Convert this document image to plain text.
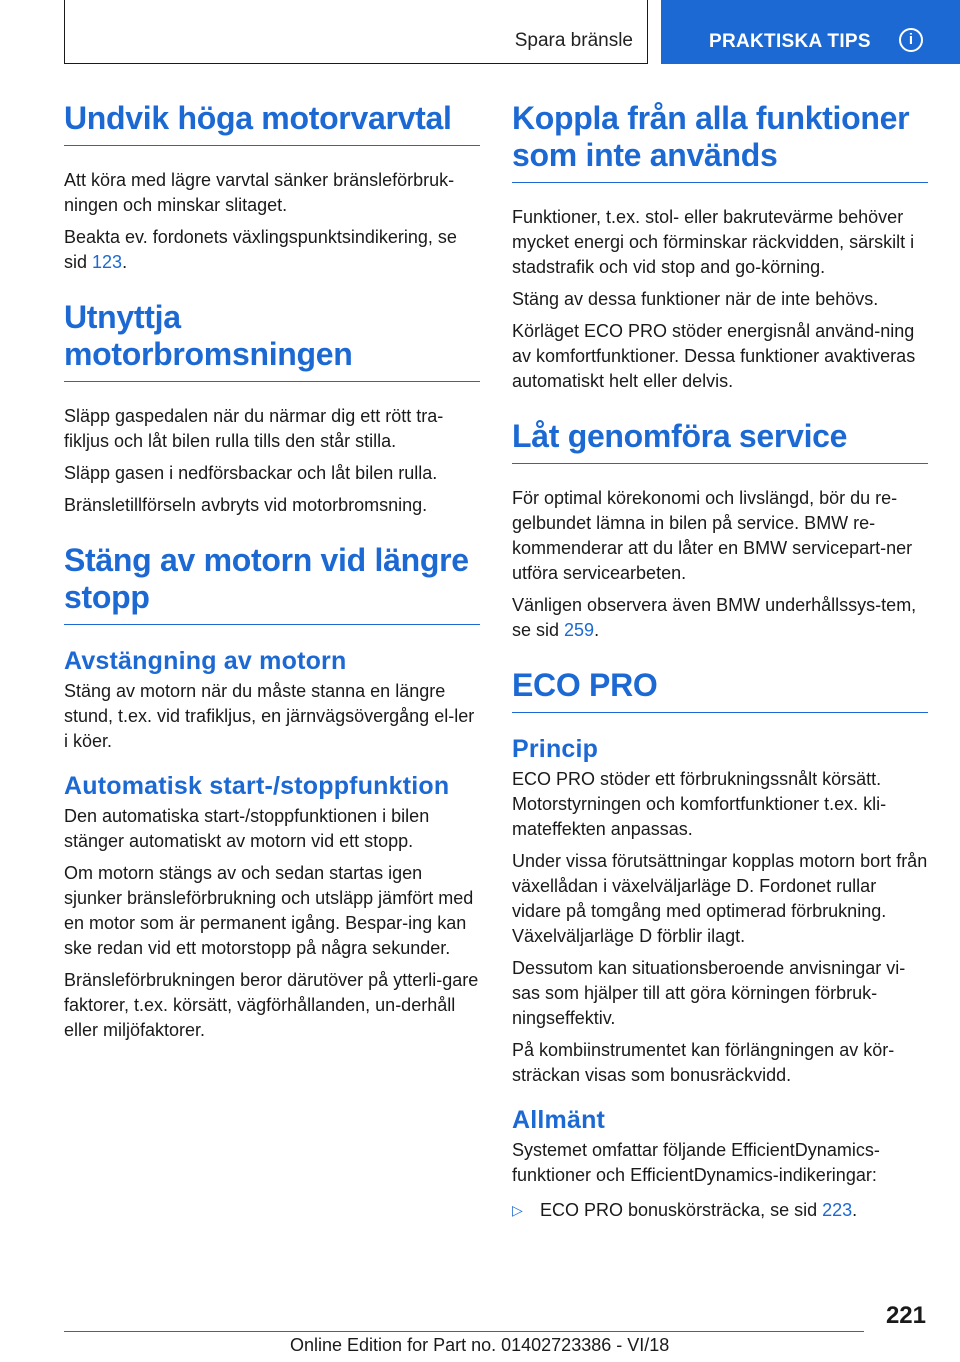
Spara bränsle	PRAKTISKA TIPS	i
Undvik höga motorvarvtal

Att köra med lägre varvtal sänker bränsleförbruk-ningen och minskar slitaget.

Beakta ev. fordonets växlingspunktsindikering, se sid 123.

Utnyttja
motorbromsningen

Släpp gaspedalen när du närmar dig ett rött tra-fikljus och låt bilen rulla tills den står stilla.

Släpp gasen i nedförsbackar och låt bilen rulla.

Bränsletillförseln avbryts vid motorbromsning.

Stäng av motorn vid längre
stopp
Avstängning av motorn

Stäng av motorn när du måste stanna en längre stund, t.ex. vid trafikljus, en järnvägsövergång el-ler i köer.

Automatisk start-/stoppfunktion

Den automatiska start-/stoppfunktionen i bilen stänger automatiskt av motorn vid ett stopp.

Om motorn stängs av och sedan startas igen sjunker bränsleförbrukning och utsläpp jämfört med en motor som är permanent igång. Bespar-ing kan ske redan vid ett motorstopp på några sekunder.

Bränsleförbrukningen beror därutöver på ytterli-gare faktorer, t.ex. körsätt, vägförhållanden, un-derhåll eller miljöfaktorer.

Koppla från alla funktioner
som inte används

Funktioner, t.ex. stol- eller bakrutevärme behöver mycket energi och förminskar räckvidden, särskilt i stadstrafik och vid stop and go-körning.

Stäng av dessa funktioner när de inte behövs.

Körläget ECO PRO stöder energisnål använd-ning av komfortfunktioner. Dessa funktioner avaktiveras automatiskt helt eller delvis.

Låt genomföra service

För optimal körekonomi och livslängd, bör du re-gelbundet lämna in bilen på service. BMW re-kommenderar att du låter en BMW servicepart-ner utföra servicearbeten.

Vänligen observera även BMW underhållssys-tem, se sid 259.

ECO PRO
Princip

ECO PRO stöder ett förbrukningssnålt körsätt. Motorstyrningen och komfortfunktioner t.ex. kli-mateffekten anpassas.

Under vissa förutsättningar kopplas motorn bort från växellådan i växelväljarläge D. Fordonet rullar vidare på tomgång med optimerad förbrukning. Växelväljarläge D förblir ilagt.

Dessutom kan situationsberoende anvisningar vi-sas som hjälper till att göra körningen förbruk-ningseffektiv.

På kombiinstrumentet kan förlängningen av kör-sträckan visas som bonusräckvidd.

Allmänt

Systemet omfattar följande EfficientDynamics-funktioner och EfficientDynamics-indikeringar:

▷ ECO PRO bonuskörsträcka, se sid 223.

221
Online Edition for Part no. 01402723386 - VI/18
